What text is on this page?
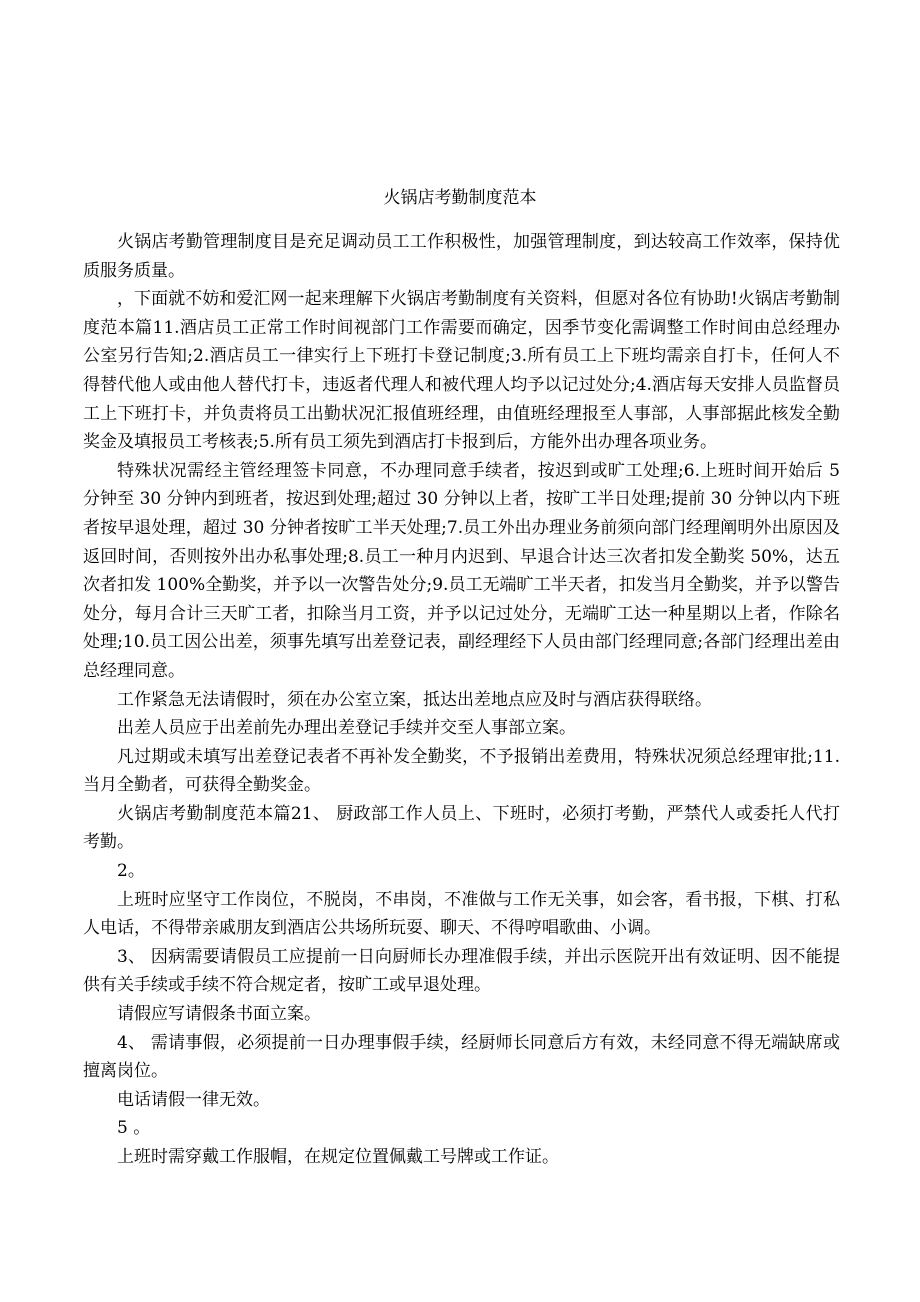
火锅店考勤制度范本

火锅店考勤管理制度目是充足调动员工工作积极性，加强管理制度，到达较高工作效率，保持优质服务质量。

，下面就不妨和爱汇网一起来理解下火锅店考勤制度有关资料，但愿对各位有协助!火锅店考勤制度范本篇11.酒店员工正常工作时间视部门工作需要而确定，因季节变化需调整工作时间由总经理办公室另行告知;2.酒店员工一律实行上下班打卡登记制度;3.所有员工上下班均需亲自打卡，任何人不得替代他人或由他人替代打卡，违返者代理人和被代理人均予以记过处分;4.酒店每天安排人员监督员工上下班打卡，并负责将员工出勤状况汇报值班经理，由值班经理报至人事部，人事部据此核发全勤奖金及填报员工考核表;5.所有员工须先到酒店打卡报到后，方能外出办理各项业务。

特殊状况需经主管经理签卡同意，不办理同意手续者，按迟到或旷工处理;6.上班时间开始后 5 分钟至 30 分钟内到班者，按迟到处理;超过 30 分钟以上者，按旷工半日处理;提前 30 分钟以内下班者按早退处理，超过 30 分钟者按旷工半天处理;7.员工外出办理业务前须向部门经理阐明外出原因及返回时间，否则按外出办私事处理;8.员工一种月内迟到、早退合计达三次者扣发全勤奖 50%，达五次者扣发 100%全勤奖，并予以一次警告处分;9.员工无端旷工半天者，扣发当月全勤奖，并予以警告处分，每月合计三天旷工者，扣除当月工资，并予以记过处分，无端旷工达一种星期以上者，作除名处理;10.员工因公出差，须事先填写出差登记表，副经理经下人员由部门经理同意;各部门经理出差由总经理同意。

工作紧急无法请假时，须在办公室立案，抵达出差地点应及时与酒店获得联络。

出差人员应于出差前先办理出差登记手续并交至人事部立案。

凡过期或未填写出差登记表者不再补发全勤奖，不予报销出差费用，特殊状况须总经理审批;11.当月全勤者，可获得全勤奖金。

火锅店考勤制度范本篇21、 厨政部工作人员上、下班时，必须打考勤，严禁代人或委托人代打考勤。

2。

上班时应坚守工作岗位，不脱岗，不串岗，不准做与工作无关事，如会客，看书报，下棋、打私人电话，不得带亲戚朋友到酒店公共场所玩耍、聊天、不得哼唱歌曲、小调。

3、 因病需要请假员工应提前一日向厨师长办理准假手续，并出示医院开出有效证明、因不能提供有关手续或手续不符合规定者，按旷工或早退处理。

请假应写请假条书面立案。

4、 需请事假，必须提前一日办理事假手续，经厨师长同意后方有效，未经同意不得无端缺席或擅离岗位。

电话请假一律无效。

5 。

上班时需穿戴工作服帽，在规定位置佩戴工号牌或工作证。
